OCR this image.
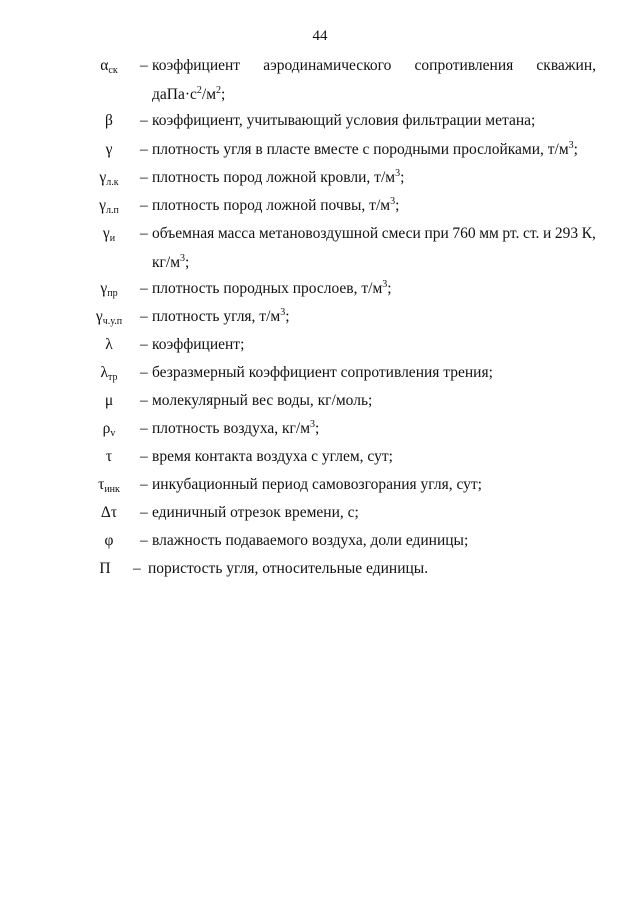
44
$\alpha_{ск}$	– коэффициент аэродинамического сопротивления скважин,
$даПа\cdot с^2/м^2$;
β	– коэффициент, учитывающий условия фильтрации метана;
γ	– плотность угля в пласте вместе с породными прослойками, $т/м^3$;
$\gamma_{л.к}$	– плотность пород ложной кровли, $т/м^3$;
$\gamma_{л.п}$	– плотность пород ложной почвы, $т/м^3$;
$\gamma_и$	– объемная масса метановоздушной смеси при 760 мм рт. ст. и 293 К,
$кг/м^3$;
$\gamma_{пр}$	– плотность породных прослоев, $т/м^3$;
$\gamma_{ч.у.п}$	– плотность угля, $т/м^3$;
λ	– коэффициент;
$\lambda_{тр}$	– безразмерный коэффициент сопротивления трения;
μ	– молекулярный вес воды, кг/моль;
$\rho_v$	– плотность воздуха, $кг/м^3$;
τ	– время контакта воздуха с углем, сут;
$\tau_{инк}$	– инкубационный период самовозгорания угля, сут;
Δτ	– единичный отрезок времени, с;
φ	– влажность подаваемого воздуха, доли единицы;
П	– пористость угля, относительные единицы.
